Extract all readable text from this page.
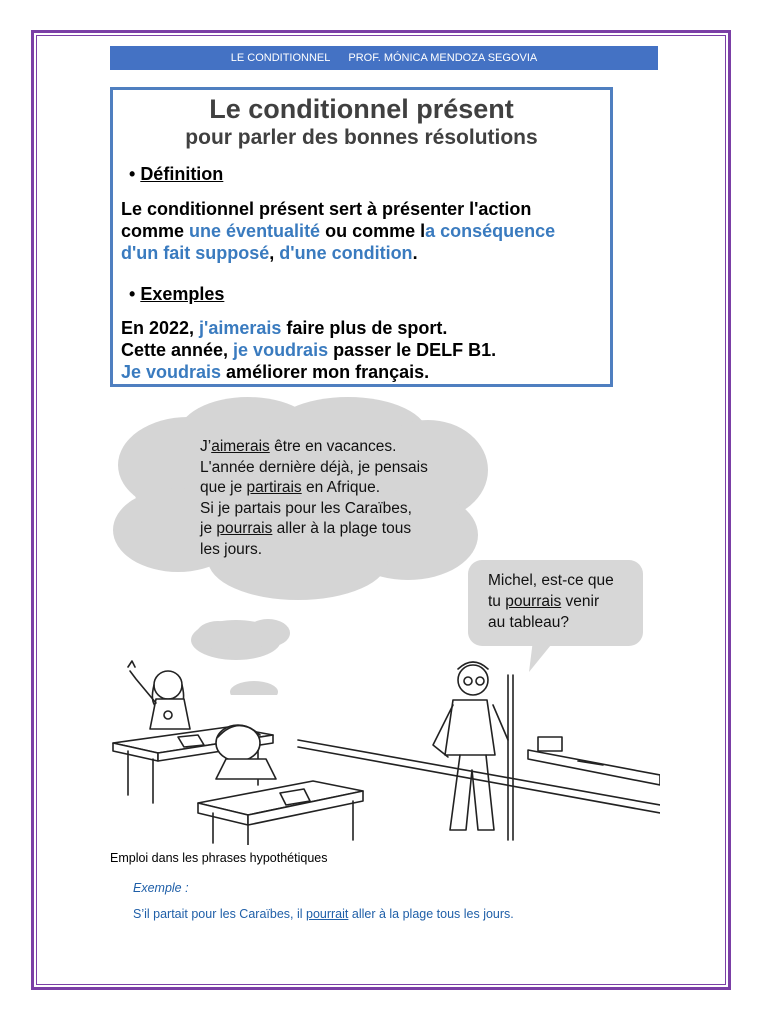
LE CONDITIONNEL PROF. MÓNICA MENDOZA SEGOVIA
Le conditionnel présent
pour parler des bonnes résolutions
• Définition
Le conditionnel présent sert à présenter l'action
comme une éventualité ou comme la conséquence
d'un fait supposé, d'une condition.
• Exemples
En 2022, j'aimerais faire plus de sport.
Cette année, je voudrais passer le DELF B1.
Je voudrais améliorer mon français.
J’aimerais être en vacances.
L'année dernière déjà, je pensais
que je partirais en Afrique.
Si je partais pour les Caraïbes,
je pourrais aller à la plage tous
les jours.
Michel, est-ce que
tu pourrais venir
au tableau?
Emploi dans les phrases hypothétiques
Exemple :
S’il partait pour les Caraïbes, il pourrait aller à la plage tous les jours.
